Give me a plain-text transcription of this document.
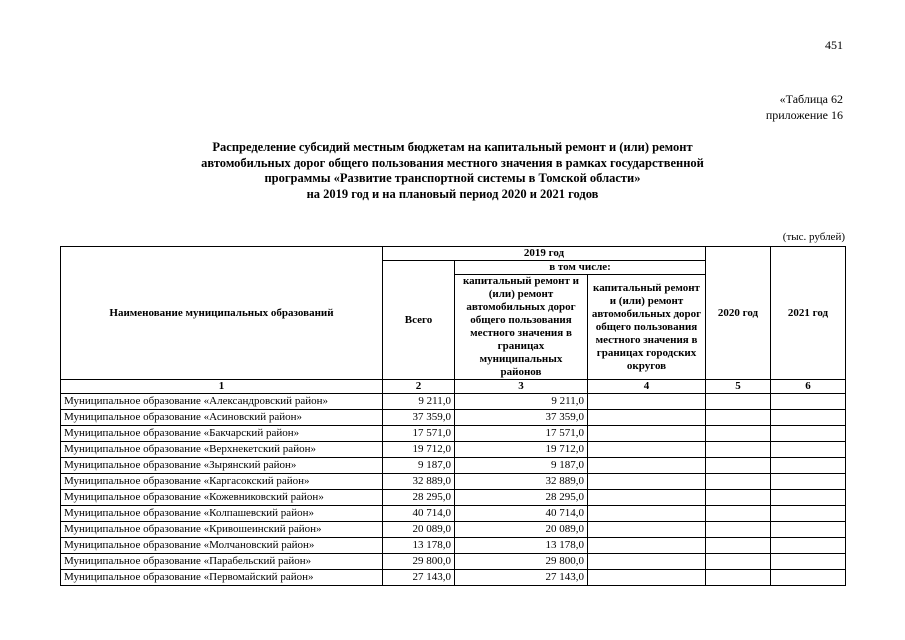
451
«Таблица 62
приложение 16
Распределение субсидий местным бюджетам на капитальный ремонт и (или) ремонт
автомобильных дорог общего пользования местного значения в рамках государственной
программы «Развитие транспортной системы в Томской области»
на 2019 год и на плановый период 2020 и 2021 годов
(тыс. рублей)
Наименование муниципальных образований	2019 год			2020 год	2021 год
	Всего	в том числе:			
		капитальный ремонт и (или) ремонт автомобильных дорог общего пользования местного значения в границах муниципальных районов	капитальный ремонт и (или) ремонт автомобильных дорог общего пользования местного значения в границах городских округов		
1	2	3	4	5	6
Муниципальное образование «Александровский район»	9 211,0	9 211,0			
Муниципальное образование «Асиновский район»	37 359,0	37 359,0			
Муниципальное образование «Бакчарский район»	17 571,0	17 571,0			
Муниципальное образование «Верхнекетский район»	19 712,0	19 712,0			
Муниципальное образование «Зырянский район»	9 187,0	9 187,0			
Муниципальное образование «Каргасокский район»	32 889,0	32 889,0			
Муниципальное образование «Кожевниковский район»	28 295,0	28 295,0			
Муниципальное образование «Колпашевский район»	40 714,0	40 714,0			
Муниципальное образование «Кривошеинский район»	20 089,0	20 089,0			
Муниципальное образование «Молчановский район»	13 178,0	13 178,0			
Муниципальное образование «Парабельский район»	29 800,0	29 800,0			
Муниципальное образование «Первомайский район»	27 143,0	27 143,0			
